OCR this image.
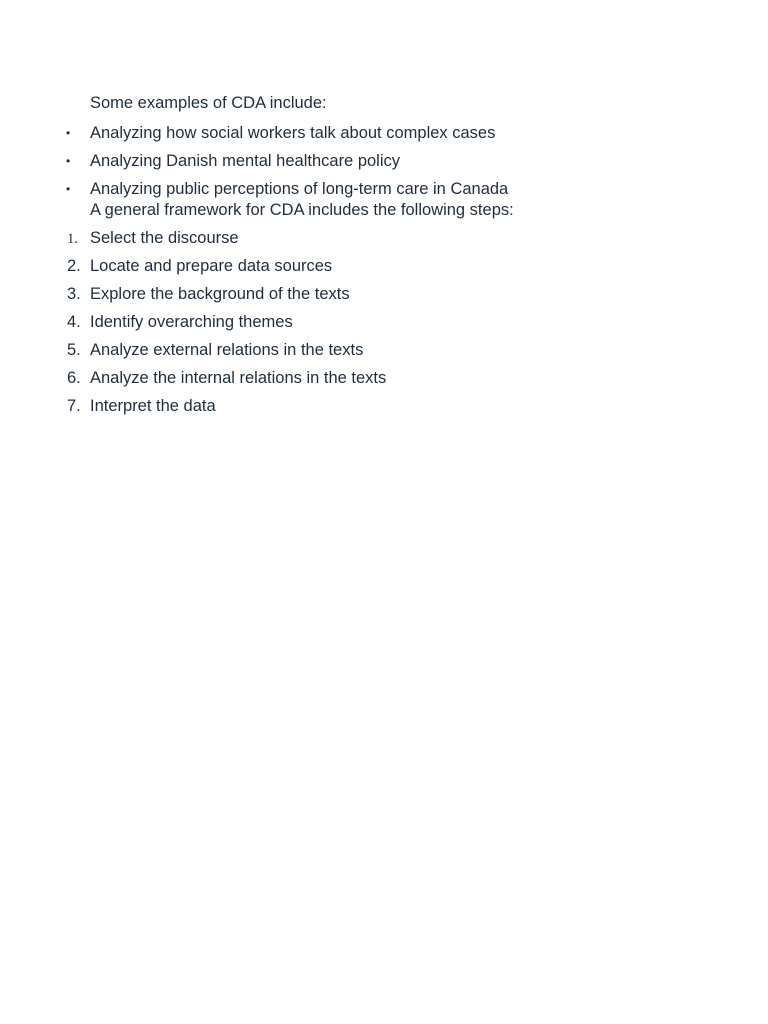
Some examples of CDA include:
• Analyzing how social workers talk about complex cases
• Analyzing Danish mental healthcare policy
• Analyzing public perceptions of long-term care in Canada
A general framework for CDA includes the following steps:
1. Select the discourse
2. Locate and prepare data sources
3. Explore the background of the texts
4. Identify overarching themes
5. Analyze external relations in the texts
6. Analyze the internal relations in the texts
7. Interpret the data
